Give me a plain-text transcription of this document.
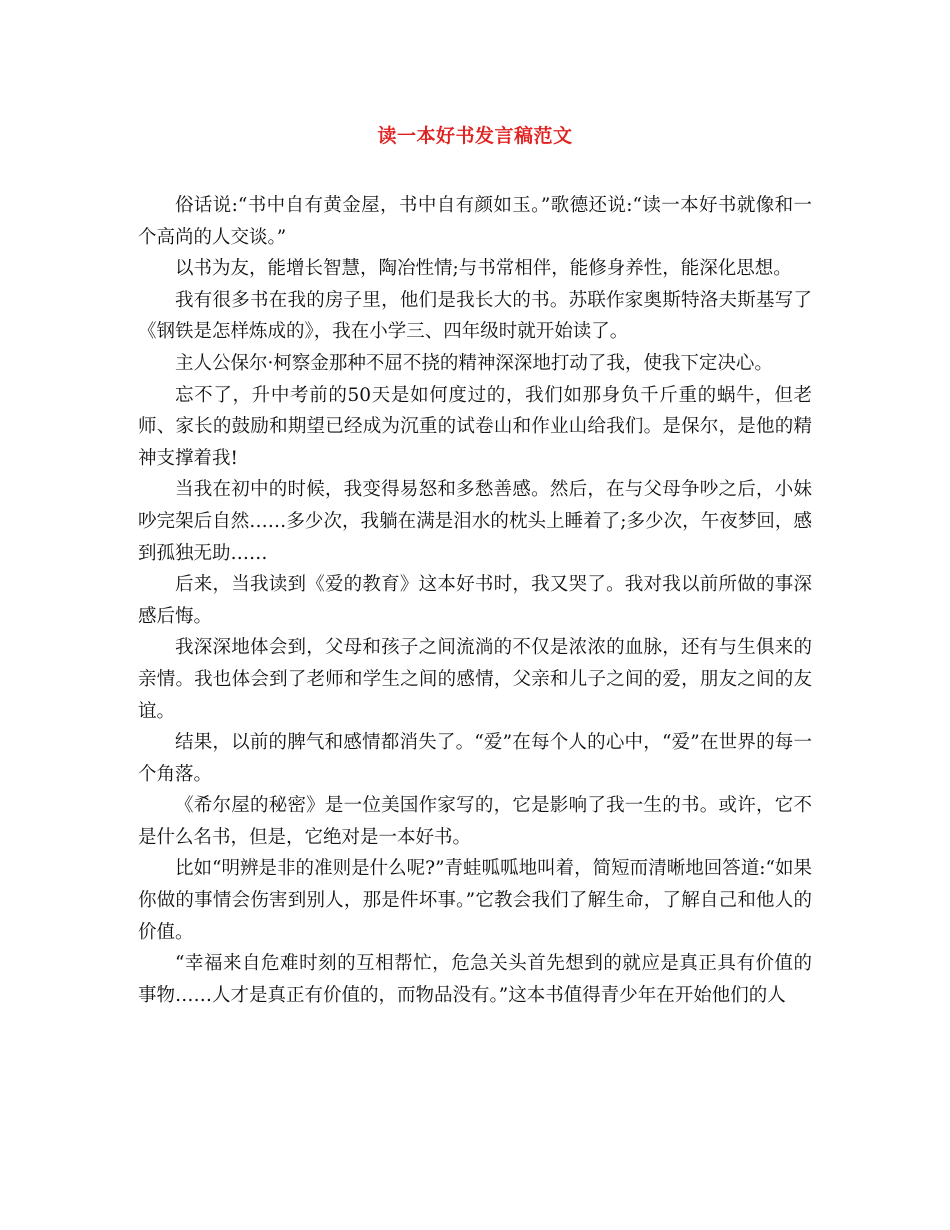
读一本好书发言稿范文

俗话说:“书中自有黄金屋，书中自有颜如玉。”歌德还说:“读一本好书就像和一个高尚的人交谈。”

以书为友，能增长智慧，陶冶性情;与书常相伴，能修身养性，能深化思想。

我有很多书在我的房子里，他们是我长大的书。苏联作家奥斯特洛夫斯基写了《钢铁是怎样炼成的》，我在小学三、四年级时就开始读了。

主人公保尔·柯察金那种不屈不挠的精神深深地打动了我，使我下定决心。

忘不了，升中考前的50天是如何度过的，我们如那身负千斤重的蜗牛，但老师、家长的鼓励和期望已经成为沉重的试卷山和作业山给我们。是保尔，是他的精神支撑着我!

当我在初中的时候，我变得易怒和多愁善感。然后，在与父母争吵之后，小妹吵完架后自然……多少次，我躺在满是泪水的枕头上睡着了;多少次，午夜梦回，感到孤独无助……

后来，当我读到《爱的教育》这本好书时，我又哭了。我对我以前所做的事深感后悔。

我深深地体会到，父母和孩子之间流淌的不仅是浓浓的血脉，还有与生俱来的亲情。我也体会到了老师和学生之间的感情，父亲和儿子之间的爱，朋友之间的友谊。

结果，以前的脾气和感情都消失了。“爱”在每个人的心中，“爱”在世界的每一个角落。

《希尔屋的秘密》是一位美国作家写的，它是影响了我一生的书。或许，它不是什么名书，但是，它绝对是一本好书。

比如“明辨是非的准则是什么呢?”青蛙呱呱地叫着，简短而清晰地回答道:“如果你做的事情会伤害到别人，那是件坏事。”它教会我们了解生命，了解自己和他人的价值。

“幸福来自危难时刻的互相帮忙，危急关头首先想到的就应是真正具有价值的事物……人才是真正有价值的，而物品没有。”这本书值得青少年在开始他们的人
